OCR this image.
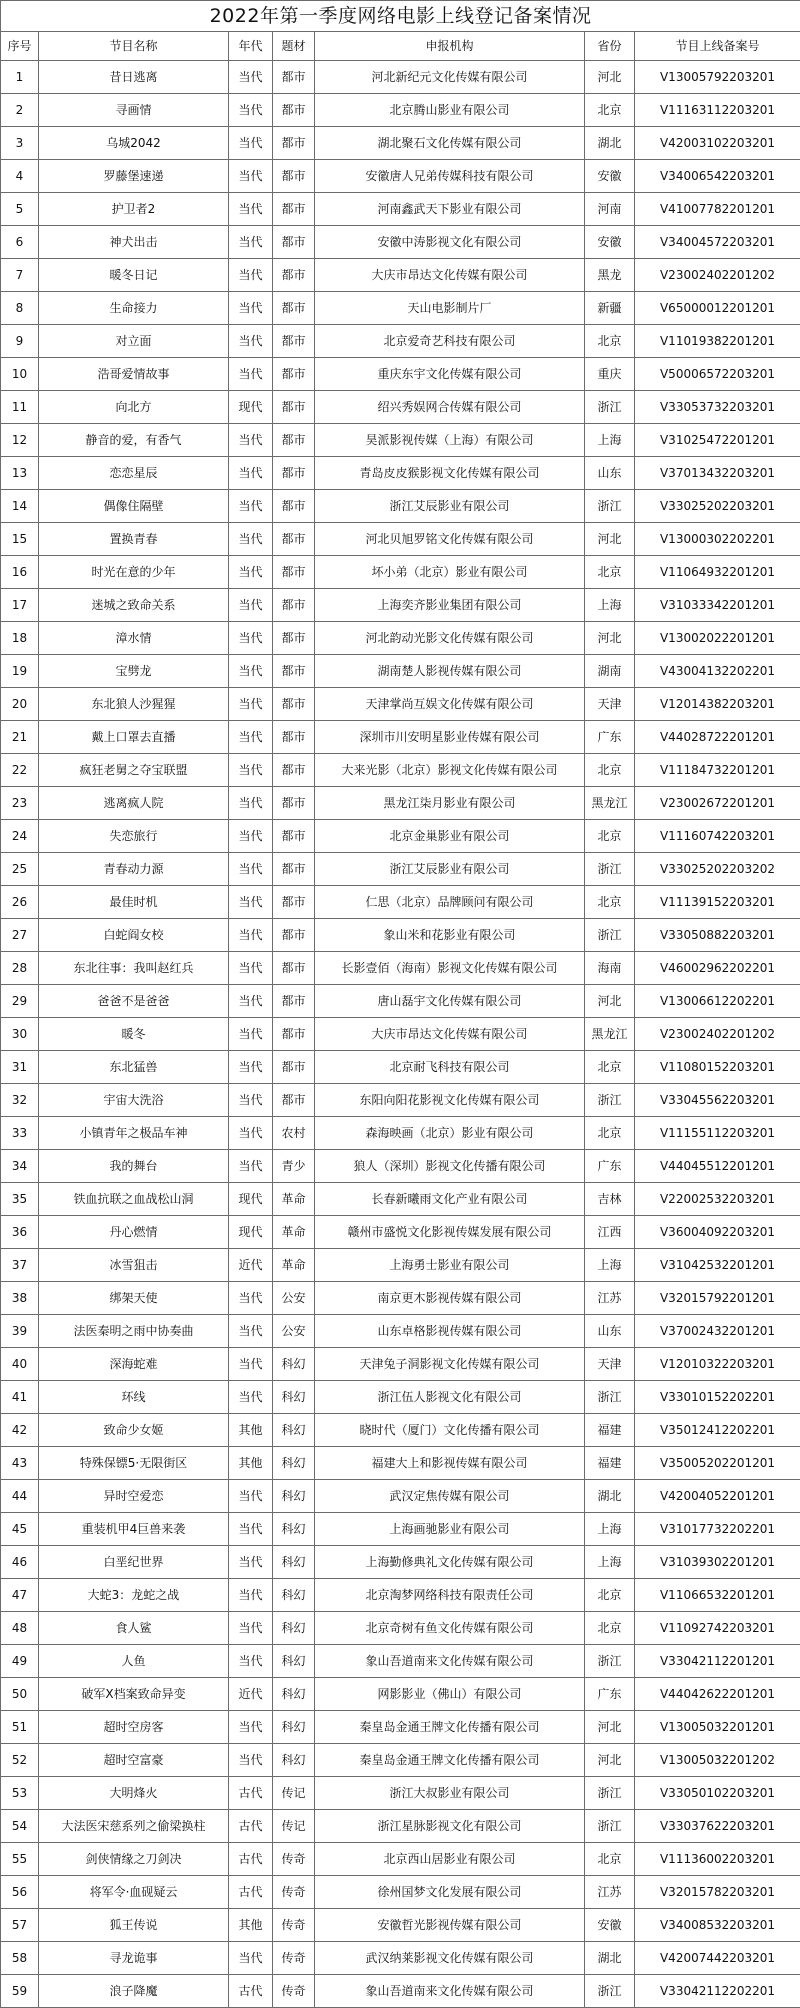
2022年第一季度网络电影上线登记备案情况						
序号	节目名称	年代	题材	申报机构	省份	节目上线备案号
1	昔日逃离	当代	都市	河北新纪元文化传媒有限公司	河北	V13005792203201
2	寻画情	当代	都市	北京腾山影业有限公司	北京	V11163112203201
3	乌城2042	当代	都市	湖北聚石文化传媒有限公司	湖北	V42003102203201
4	罗藤堡速递	当代	都市	安徽唐人兄弟传媒科技有限公司	安徽	V34006542203201
5	护卫者2	当代	都市	河南鑫武天下影业有限公司	河南	V41007782201201
6	神犬出击	当代	都市	安徽中涛影视文化有限公司	安徽	V34004572203201
7	暖冬日记	当代	都市	大庆市昂达文化传媒有限公司	黑龙	V23002402201202
8	生命接力	当代	都市	天山电影制片厂	新疆	V65000012201201
9	对立面	当代	都市	北京爱奇艺科技有限公司	北京	V11019382201201
10	浩哥爱情故事	当代	都市	重庆东宇文化传媒有限公司	重庆	V50006572203201
11	向北方	现代	都市	绍兴秀娱网合传媒有限公司	浙江	V33053732203201
12	静音的爱，有香气	当代	都市	昊派影视传媒（上海）有限公司	上海	V31025472201201
13	恋恋星辰	当代	都市	青岛皮皮猴影视文化传媒有限公司	山东	V37013432203201
14	偶像住隔壁	当代	都市	浙江艾辰影业有限公司	浙江	V33025202203201
15	置换青春	当代	都市	河北贝旭罗铭文化传媒有限公司	河北	V13000302202201
16	时光在意的少年	当代	都市	坏小弟（北京）影业有限公司	北京	V11064932201201
17	迷城之致命关系	当代	都市	上海奕齐影业集团有限公司	上海	V31033342201201
18	漳水情	当代	都市	河北韵动光影文化传媒有限公司	河北	V13002022201201
19	宝劈龙	当代	都市	湖南楚人影视传媒有限公司	湖南	V43004132202201
20	东北狼人沙猩猩	当代	都市	天津掌尚互娱文化传媒有限公司	天津	V12014382203201
21	戴上口罩去直播	当代	都市	深圳市川安明星影业传媒有限公司	广东	V44028722201201
22	疯狂老舅之夺宝联盟	当代	都市	大来光影（北京）影视文化传媒有限公司	北京	V11184732201201
23	逃离疯人院	当代	都市	黑龙江柒月影业有限公司	黑龙江	V23002672201201
24	失恋旅行	当代	都市	北京金巢影业有限公司	北京	V11160742203201
25	青春动力源	当代	都市	浙江艾辰影业有限公司	浙江	V33025202203202
26	最佳时机	当代	都市	仁思（北京）品牌顾问有限公司	北京	V11139152203201
27	白蛇阎女校	当代	都市	象山米和花影业有限公司	浙江	V33050882203201
28	东北往事：我叫赵红兵	当代	都市	长影壹佰（海南）影视文化传媒有限公司	海南	V46002962202201
29	爸爸不是爸爸	当代	都市	唐山磊宇文化传媒有限公司	河北	V13006612202201
30	暖冬	当代	都市	大庆市昂达文化传媒有限公司	黑龙江	V23002402201202
31	东北猛兽	当代	都市	北京耐飞科技有限公司	北京	V11080152203201
32	宇宙大洗浴	当代	都市	东阳向阳花影视文化传媒有限公司	浙江	V33045562203201
33	小镇青年之极品车神	当代	农村	森海映画（北京）影业有限公司	北京	V11155112203201
34	我的舞台	当代	青少	狼人（深圳）影视文化传播有限公司	广东	V44045512201201
35	铁血抗联之血战松山洞	现代	革命	长春新曦雨文化产业有限公司	吉林	V22002532203201
36	丹心燃情	现代	革命	赣州市盛悦文化影视传媒发展有限公司	江西	V36004092203201
37	冰雪狙击	近代	革命	上海勇士影业有限公司	上海	V31042532201201
38	绑架天使	当代	公安	南京更木影视传媒有限公司	江苏	V32015792201201
39	法医秦明之雨中协奏曲	当代	公安	山东卓格影视传媒有限公司	山东	V37002432201201
40	深海蛇难	当代	科幻	天津兔子洞影视文化传媒有限公司	天津	V12010322203201
41	环线	当代	科幻	浙江伍人影视文化有限公司	浙江	V33010152202201
42	致命少女姬	其他	科幻	晓时代（厦门）文化传播有限公司	福建	V35012412202201
43	特殊保镖5·无限街区	其他	科幻	福建大上和影视传媒有限公司	福建	V35005202201201
44	异时空爱恋	当代	科幻	武汉定焦传媒有限公司	湖北	V42004052201201
45	重装机甲4巨兽来袭	当代	科幻	上海画驰影业有限公司	上海	V31017732202201
46	白垩纪世界	当代	科幻	上海勤修典礼文化传媒有限公司	上海	V31039302201201
47	大蛇3：龙蛇之战	当代	科幻	北京淘梦网络科技有限责任公司	北京	V11066532201201
48	食人鲨	当代	科幻	北京奇树有鱼文化传媒有限公司	北京	V11092742203201
49	人鱼	当代	科幻	象山吾道南来文化传媒有限公司	浙江	V33042112201201
50	破军X档案致命异变	近代	科幻	网影影业（佛山）有限公司	广东	V44042622201201
51	超时空房客	当代	科幻	秦皇岛金通王牌文化传播有限公司	河北	V13005032201201
52	超时空富豪	当代	科幻	秦皇岛金通王牌文化传播有限公司	河北	V13005032201202
53	大明烽火	古代	传记	浙江大叔影业有限公司	浙江	V33050102203201
54	大法医宋慈系列之偷梁换柱	古代	传记	浙江星脉影视文化有限公司	浙江	V33037622203201
55	剑侠情缘之刀剑决	古代	传奇	北京西山居影业有限公司	北京	V11136002203201
56	将军令·血砚疑云	古代	传奇	徐州国梦文化发展有限公司	江苏	V32015782203201
57	狐王传说	其他	传奇	安徽哲光影视传媒有限公司	安徽	V34008532203201
58	寻龙诡事	当代	传奇	武汉纳莱影视文化传媒有限公司	湖北	V42007442203201
59	浪子降魔	古代	传奇	象山吾道南来文化传媒有限公司	浙江	V33042112202201
